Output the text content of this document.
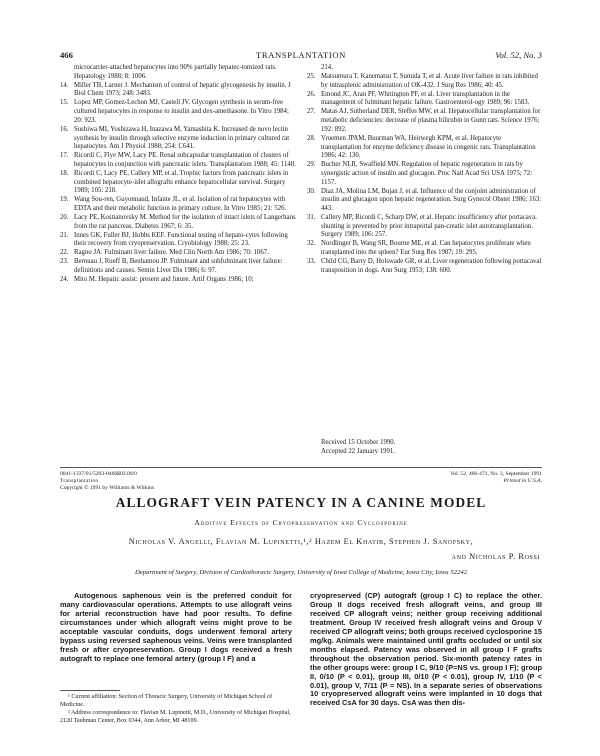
466	TRANSPLANTATION	Vol. 52, No. 3
microcarrier-attached hepatocytes into 90% partially hepatec-tomized rats. Hepatology 1988; 8: 1006.
14. Miller TB, Larner J. Mechanism of control of hepatic glycogenesis by insulin. J Biol Chem 1973; 248: 3483.
15. Lopez MP, Gomez-Lechon MJ, Castell JV. Glycogen synthesis in serum-free cultured hepatocytes in response to insulin and dex-amethasone. In Vitro 1984; 20: 923.
16. Sushiwa MI, Yoshizawa H, Inazawa M, Yamashita K. Increased de novo lectin synthesis by insulin through selective enzyme induction in primary cultured rat hepatocytes. Am J Physiol 1988; 254: C641.
17. Ricordi C, Flye MW, Lacy PE. Renal subcapsular transplantation of clusters of hepatocytes in conjunction with pancreatic islets. Transplantation 1988; 45: 1148.
18. Ricordi C, Lacy PE, Callery MP, et al. Trophic factors from pancreatic islets in combined hepatocyte-islet allografts enhance hepatocellular survival. Surgery 1989; 105: 218.
19. Wang Sou-ren, Guyonnaud, Infante JL, et al. Isolation of rat hepatocytes with EDTA and their metabolic function in primary culture. In Vitro 1985; 21: 526.
20. Lacy PE, Kostianovsky M. Method for the isolation of intact islets of Langerhans from the rat pancreas. Diabetes 1967; 6: 35.
21. Innes GK, Fuller BJ, Hobbs KEF. Functional testing of hepato-cytes following their recovery from cryopreservation. Cryobiology 1988; 25: 23.
22. Ragno JA. Fulminant liver failure. Med Clin North Am 1986; 70: 1067.
23. Bernuau J, Rueff B, Benhamou JP. Fulminant and subfulminant liver failure: definitions and causes. Semin Liver Dis 1986; 6: 97.
24. Mito M. Hepatic assist: present and future. Artif Organs 1986; 10:
214.
25. Matsumura T, Kanematsu T, Sumida T, et al. Acute liver failure in rats inhibited by intrasplenic administration of OK-432. J Surg Res 1986; 40: 45.
26. Emond JC, Aran PF, Whitington PF, et al. Liver transplantation in the management of fulminant hepatic failure. Gastroenterol-ogy 1989; 96: 1583.
27. Matas AJ, Sutherland DER, Steffes MW, et al. Hepatocellular transplantation for metabolic deficiencies: decrease of plasma bilirubin in Gunn rats. Science 1976; 192: 892.
28. Vroemen JPAM, Buurman WA, Heirwegh KPM, et al. Hepatocyte transplantation for enzyme deficiency disease in congenic rats. Transplantation 1986; 42: 130.
29. Bucher NLR, Swaffield MN. Regulation of hepatic regeneration in rats by synergistic action of insulin and glucagon. Proc Natl Acad Sci USA 1975; 72: 1157.
30. Diaz JA, Molina LM, Bujan J, et al. Influence of the conjoint administration of insulin and glucagon upon hepatic regeneration. Surg Gynecol Obstet 1986; 163: 443.
31. Callery MP, Ricordi C, Scharp DW, et al. Hepatic insufficiency after portacava. shunting is prevented by prior intraportal pan-creatic islet autotransplantation. Surgery 1989; 106: 257.
32. Nordlinger B, Wang SR, Bourne ME, et al. Can hepatocytes proliferate when transplanted into the spleen? Eur Surg Res 1987; 19: 295.
33. Child CG, Barry D, Holswade GR, et al. Liver regeneration following portacaval transposition in dogs. Ann Surg 1953; 138: 600.
Received 15 October 1990.
Accepted 22 January 1991.
0041-1337/91/5203-0466$03.00/0
Transplantation
Copyright © 1991 by Williams & Wilkins
Vol. 52, 466-471, No. 3, September 1991
Printed in U.S.A.
ALLOGRAFT VEIN PATENCY IN A CANINE MODEL
Additive Effects of Cryopreservation and Cyclosporine
Nicholas V. Angelli, Flavian M. Lupinetti,¹,² Hazem El Khatib, Stephen J. Sanofsky,
and Nicholas P. Rossi
Department of Surgery, Division of Cardiothoracic Surgery, University of Iowa College of Medicine, Iowa City, Iowa 52242
Autogenous saphenous vein is the preferred conduit for many cardiovascular operations. Attempts to use allograft veins for arterial reconstruction have had poor results. To define circumstances under which allograft veins might prove to be acceptable vascular conduits, dogs underwent femoral artery bypass using reversed saphenous veins. Veins were transplanted fresh or after cryopreservation. Group I dogs received a fresh autograft to replace one femoral artery (group I F) and a
cryopreserved (CP) autograft (group I C) to replace the other. Group II dogs received fresh allograft veins, and group III received CP allograft veins; neither group receiving additional treatment. Group IV received fresh allograft veins and Group V received CP allograft veins; both groups received cyclosporine 15 mg/kg. Animals were maintained until grafts occluded or until six months elapsed. Patency was observed in all group I F grafts throughout the observation period. Six-month patency rates in the other groups were: group I C, 9/10 (P=NS vs. group I F); group II, 0/10 (P < 0.01), group III, 0/10 (P < 0.01), group IV, 1/10 (P < 0.01), group V, 7/11 (P = NS). In a separate series of observations 10 cryopreserved allograft veins were implanted in 10 dogs that received CsA for 30 days. CsA was then dis-

¹ Current affiliation: Section of Thoracic Surgery, University of Michigan School of Medicine.

² Address correspondence to: Flavian M. Lupinetti, M.D., University of Michigan Hospital, 2120 Taubman Center, Box 0344, Ann Arbor, MI 48109.
